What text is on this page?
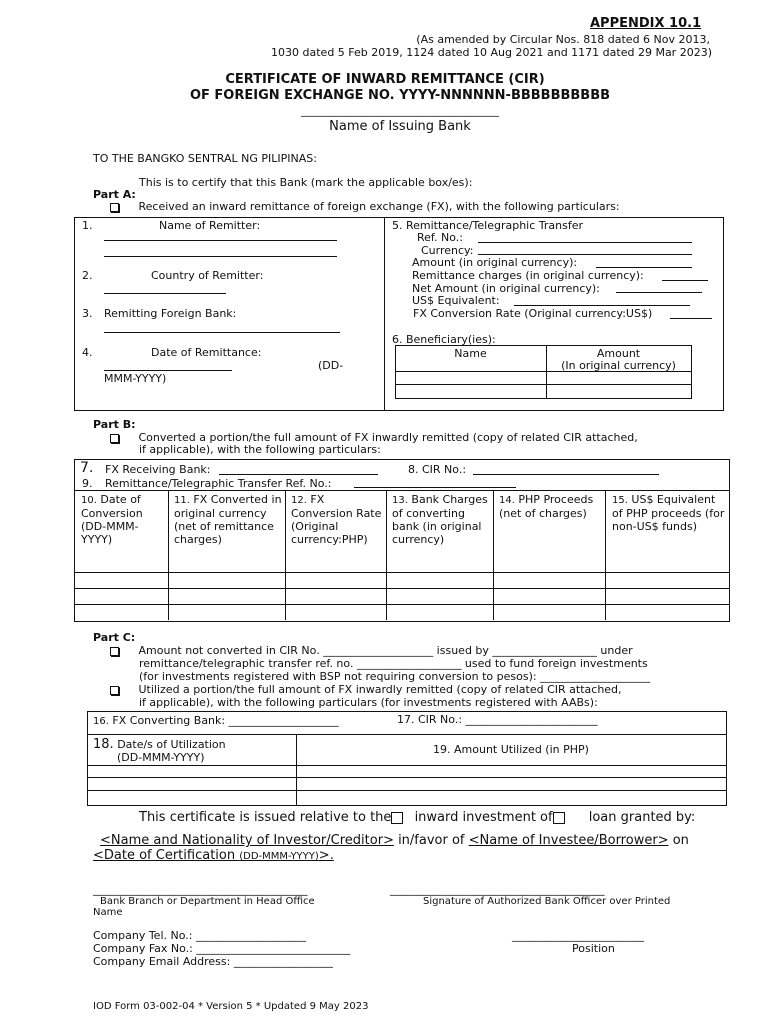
APPENDIX 10.1
(As amended by Circular Nos. 818 dated 6 Nov 2013,
1030 dated 5 Feb 2019, 1124 dated 10 Aug 2021 and 1171 dated 29 Mar 2023)
CERTIFICATE OF INWARD REMITTANCE (CIR)
OF FOREIGN EXCHANGE NO. YYYY-NNNNNN-BBBBBBBBBB
____________________________________
Name of Issuing Bank
TO THE BANGKO SENTRAL NG PILIPINAS:
This is to certify that this Bank (mark the applicable box/es):
Part A:
Received an inward remittance of foreign exchange (FX), with the following particulars:
1.	Name of Remitter:
2.	Country of Remitter:
3. Remitting Foreign Bank:
4.	Date of Remittance:
(DD-
MMM-YYYY)
5. Remittance/Telegraphic Transfer
Ref. No.:
Currency:
Amount (in original currency):
Remittance charges (in original currency):
Net Amount (in original currency):
US$ Equivalent:
FX Conversion Rate (Original currency:US$)
6. Beneficiary(ies):
Name	Amount
(In original currency)
Part B:
Converted a portion/the full amount of FX inwardly remitted (copy of related CIR attached,
if applicable), with the following particulars:
7. FX Receiving Bank:	8. CIR No.:
9. Remittance/Telegraphic Transfer Ref. No.:
10. Date of Conversion (DD-MMM-YYYY)
11. FX Converted in original currency (net of remittance charges)
12. FX Conversion Rate (Original currency:PHP)
13. Bank Charges of converting bank (in original currency)
14. PHP Proceeds (net of charges)
15. US$ Equivalent of PHP proceeds (for non-US$ funds)
Part C:
Amount not converted in CIR No. ____________________ issued by ___________________ under
remittance/telegraphic transfer ref. no. ___________________ used to fund foreign investments
(for investments registered with BSP not requiring conversion to pesos): ____________________
Utilized a portion/the full amount of FX inwardly remitted (copy of related CIR attached,
if applicable), with the following particulars (for investments registered with AABs):
16. FX Converting Bank: ____________________	17. CIR No.: ________________________
18. Date/s of Utilization
(DD-MMM-YYYY)
19. Amount Utilized (in PHP)
This certificate is issued relative to the inward investment of	loan granted by:
<Name and Nationality of Investor/Creditor> in/favor of <Name of Investee/Borrower> on
<Date of Certification (DD-MMM-YYYY)>.
_______________________________________
Bank Branch or Department in Head Office
Name
_______________________________________
Signature of Authorized Bank Officer over Printed
Company Tel. No.: ____________________
Company Fax No.: ____________________________
Company Email Address: __________________
________________________
Position
IOD Form 03-002-04 * Version 5 * Updated 9 May 2023
